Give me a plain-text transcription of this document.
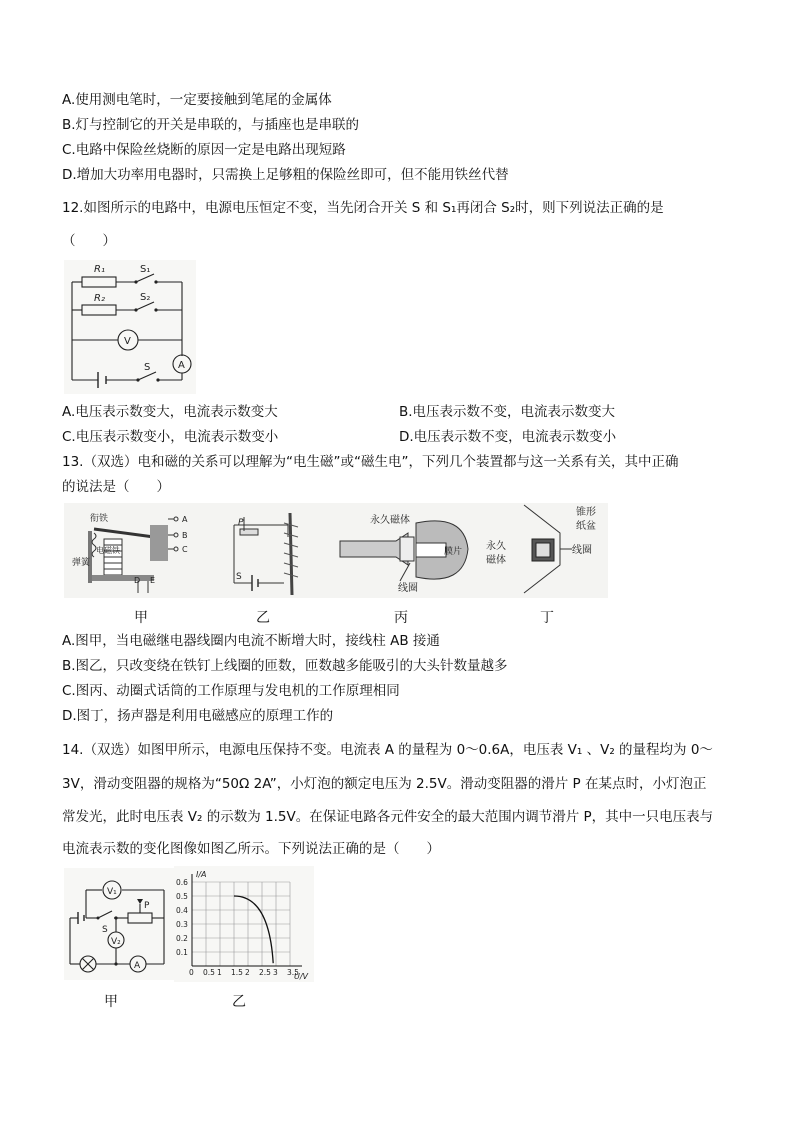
A.使用测电笔时，一定要接触到笔尾的金属体
B.灯与控制它的开关是串联的，与插座也是串联的
C.电路中保险丝烧断的原因一定是电路出现短路
D.增加大功率用电器时，只需换上足够粗的保险丝即可，但不能用铁丝代替
12.如图所示的电路中，电源电压恒定不变，当先闭合开关 S 和 S₁再闭合 S₂时，则下列说法正确的是
（　　）
R₁
R₂
S₁
S₂
V
A
S
A.电压表示数变大，电流表示数变大	B.电压表示数不变，电流表示数变大
C.电压表示数变小，电流表示数变小	D.电压表示数不变，电流表示数变小
13.（双选）电和磁的关系可以理解为“电生磁”或“磁生电”，下列几个装置都与这一关系有关，其中正确
的说法是（　　）
弹簧
衔铁
电磁铁
A
B
C
D E
P
S
永久磁体
线圈
膜片
锥形
纸盆
永久
磁体
线圈
甲	乙	丙	丁
A.图甲，当电磁继电器线圈内电流不断增大时，接线柱 AB 接通
B.图乙，只改变绕在铁钉上线圈的匝数，匝数越多能吸引的大头针数量越多
C.图丙、动圈式话筒的工作原理与发电机的工作原理相同
D.图丁，扬声器是利用电磁感应的原理工作的
14.（双选）如图甲所示，电源电压保持不变。电流表 A 的量程为 0～0.6A，电压表 V₁ 、V₂ 的量程均为 0～
3V，滑动变阻器的规格为“50Ω 2A”，小灯泡的额定电压为 2.5V。滑动变阻器的滑片 P 在某点时，小灯泡正
常发光，此时电压表 V₂ 的示数为 1.5V。在保证电路各元件安全的最大范围内调节滑片 P，其中一只电压表与
电流表示数的变化图像如图乙所示。下列说法正确的是（　　）
V₁
V₂
S
P
A
I/A
U/V
0.6
0.5
0.4
0.3
0.2
0.1
0 0.5 1 1.5 2 2.5 3 3.5
甲	乙
